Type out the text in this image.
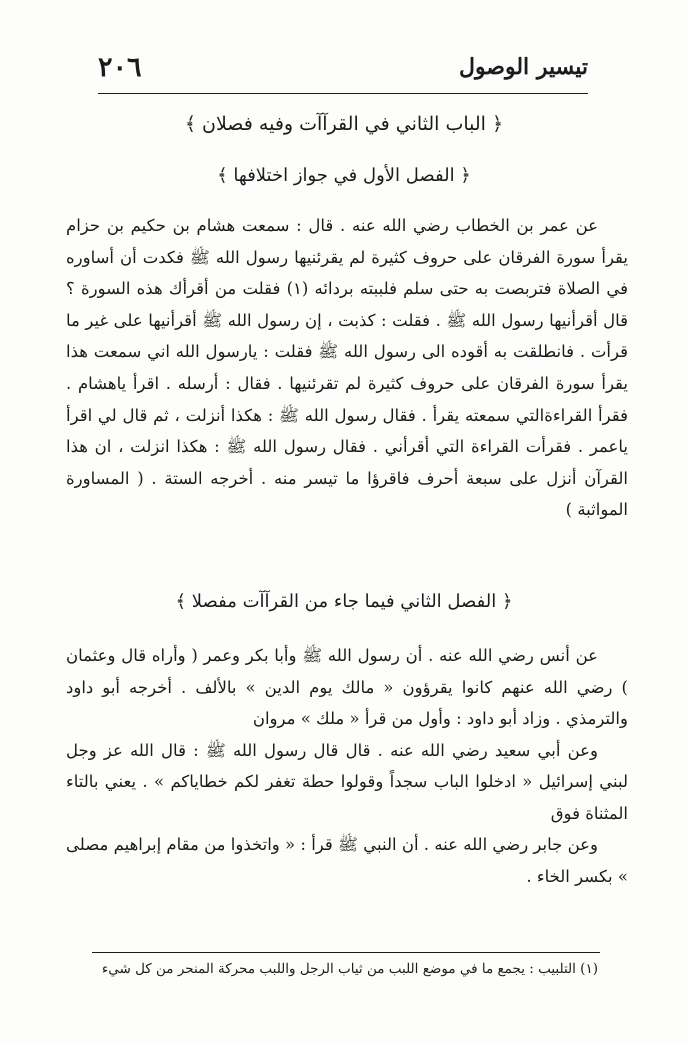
٢٠٦	تيسير الوصول
﴿ الباب الثاني في القرآآت وفيه فصلان ﴾
﴿ الفصل الأول في جواز اختلافها ﴾

عن عمر بن الخطاب رضي الله عنه . قال : سمعت هشام بن حكيم بن حزام يقرأ سورة الفرقان على حروف كثيرة لم يقرئنيها رسول الله ﷺ فكدت أن أساوره في الصلاة فتربصت به حتى سلم فلببته بردائه (١) فقلت من أقرأك هذه السورة ؟ قال أقرأنيها رسول الله ﷺ . فقلت : كذبت ، إن رسول الله ﷺ أقرأنيها على غير ما قرأت . فانطلقت به أقوده الى رسول الله ﷺ فقلت : يارسول الله اني سمعت هذا يقرأ سورة الفرقان على حروف كثيرة لم تقرئنيها . فقال : أرسله . اقرأ ياهشام . فقرأ القراءةالتي سمعته يقرأ . فقال رسول الله ﷺ : هكذا أنزلت ، ثم قال لي اقرأ ياعمر . فقرأت القراءة التي أقرأني . فقال رسول الله ﷺ : هكذا انزلت ، ان هذا القرآن أنزل على سبعة أحرف فاقرؤا ما تيسر منه . أخرجه الستة . ( المساورة المواثبة )

﴿ الفصل الثاني فيما جاء من القرآآت مفصلا ﴾

عن أنس رضي الله عنه . أن رسول الله ﷺ وأبا بكر وعمر ( وأراه قال وعثمان ) رضي الله عنهم كانوا يقرؤون « مالك يوم الدين » بالألف . أخرجه أبو داود والترمذي . وزاد أبو داود : وأول من قرأ « ملك » مروان

وعن أبي سعيد رضي الله عنه . قال قال رسول الله ﷺ : قال الله عز وجل لبني إسرائيل « ادخلوا الباب سجداً وقولوا حطة تغفر لكم خطاياكم » . يعني بالتاء المثناة فوق

وعن جابر رضي الله عنه . أن النبي ﷺ قرأ : « واتخذوا من مقام إبراهيم مصلى » بكسر الخاء .

(١) التلبيب : يجمع ما في موضع اللبب من ثياب الرجل واللبب محركة المنحر من كل شيء
